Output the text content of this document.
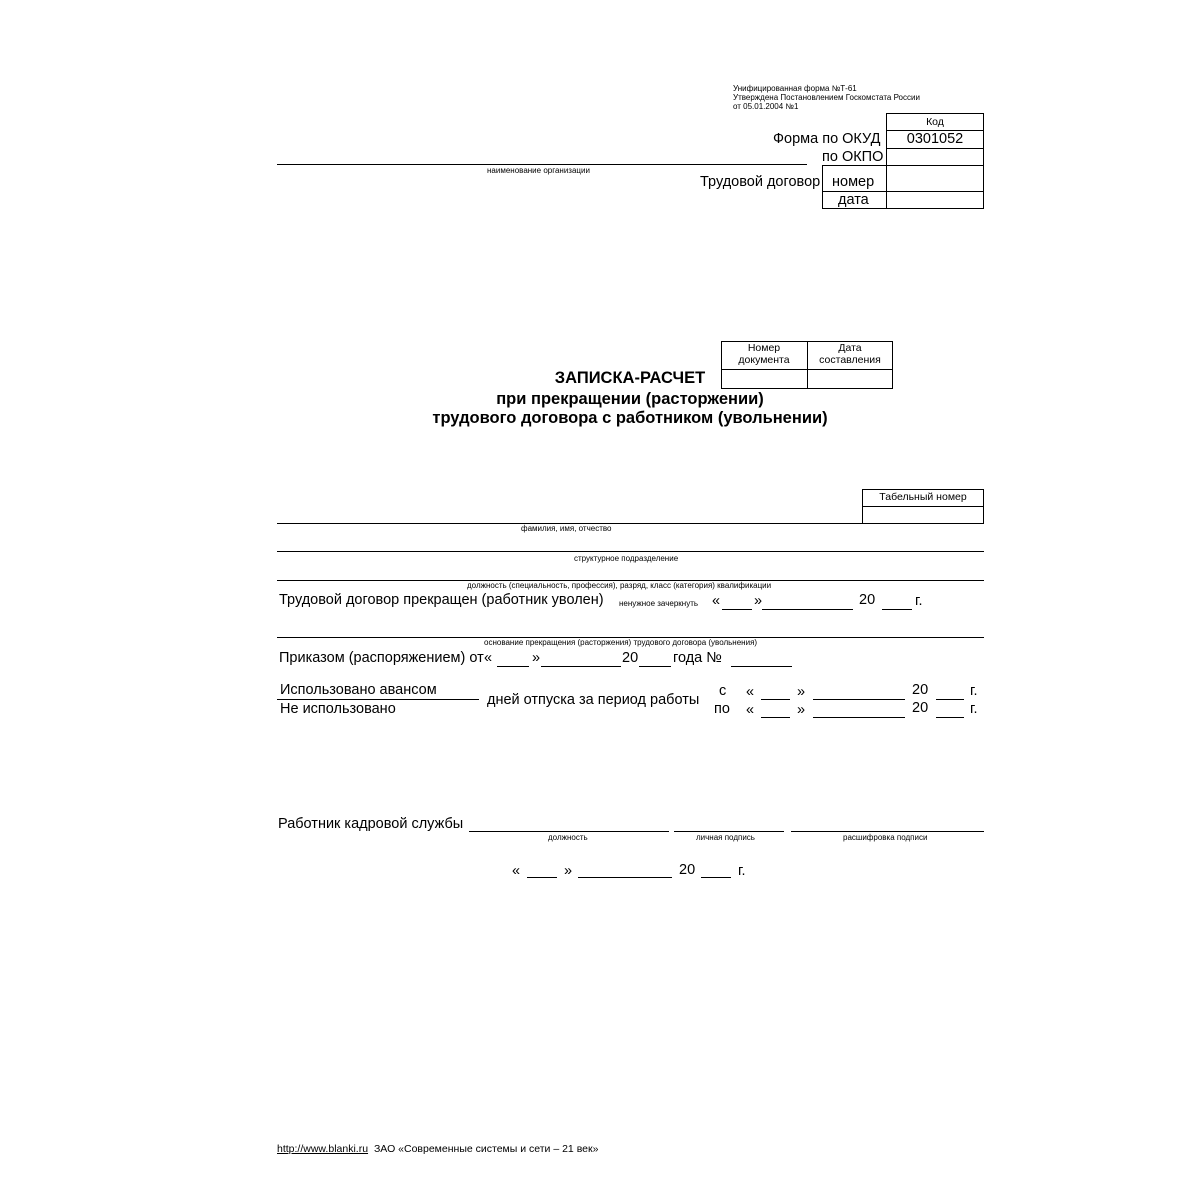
Унифицированная форма №Т-61
Утверждена Постановлением Госкомстата России
от 05.01.2004 №1
Код
Форма по ОКУД	0301052
по ОКПО
Трудовой договор номер
дата
наименование организации
Номер документа
Дата составления
ЗАПИСКА-РАСЧЕТ
при прекращении (расторжении)
трудового договора с работником (увольнении)
Табельный номер
фамилия, имя, отчество
структурное подразделение
должность (специальность, профессия), разряд, класс (категория) квалификации
Трудовой договор прекращен (работник уволен) ненужное зачеркнуть « »	20	г.
основание прекращения (расторжения) трудового договора (увольнения)
Приказом (распоряжением) от «	»	20 года №
Использовано авансом
Не использовано
дней отпуска за период работы
с «	»	20	г.
по «	»	20	г.
Работник кадровой службы
должность	личная подпись	расшифровка подписи
«	»	20	г.
http://www.blanki.ru ЗАО «Современные системы и сети – 21 век»
